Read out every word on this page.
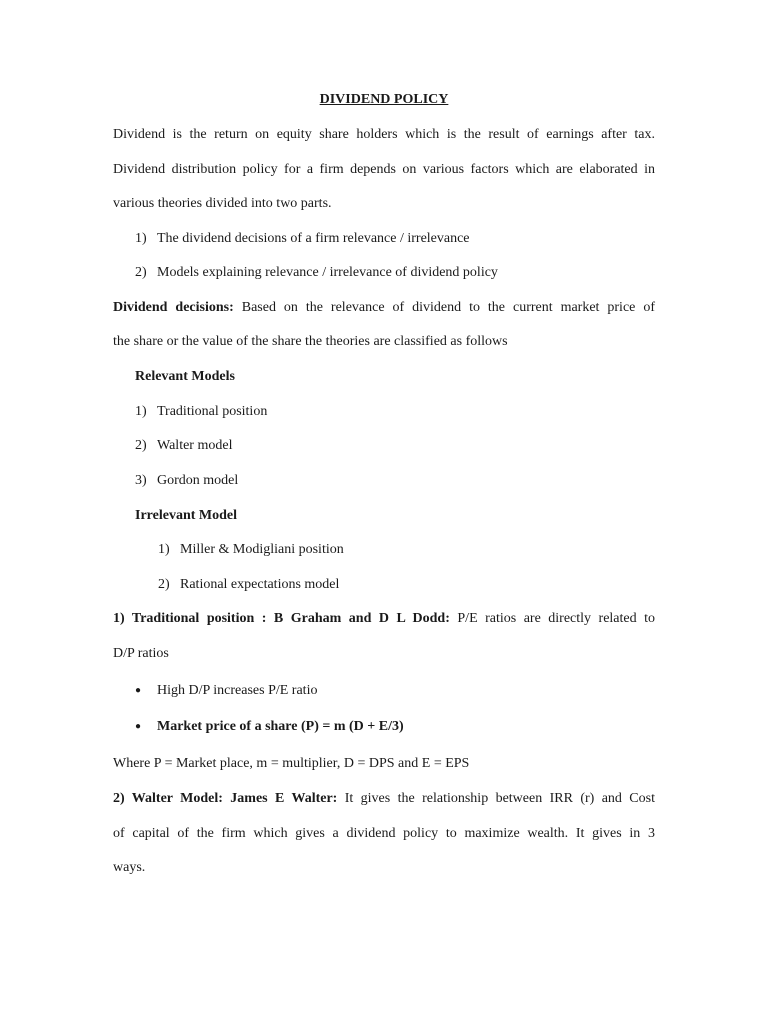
DIVIDEND POLICY
Dividend is the return on equity share holders which is the result of earnings after tax.
Dividend distribution policy for a firm depends on various factors which are elaborated in
various theories divided into two parts.
1) The dividend decisions of a firm relevance / irrelevance
2) Models explaining relevance / irrelevance of dividend policy
Dividend decisions: Based on the relevance of dividend to the current market price of
the share or the value of the share the theories are classified as follows
Relevant Models
1) Traditional position
2) Walter model
3) Gordon model
Irrelevant Model
1) Miller & Modigliani position
2) Rational expectations model
1) Traditional position : B Graham and D L Dodd: P/E ratios are directly related to
D/P ratios
● High D/P increases P/E ratio
● Market price of a share (P) = m (D + E/3)
Where P = Market place, m = multiplier, D = DPS and E = EPS
2) Walter Model: James E Walter: It gives the relationship between IRR (r) and Cost
of capital of the firm which gives a dividend policy to maximize wealth. It gives in 3
ways.
